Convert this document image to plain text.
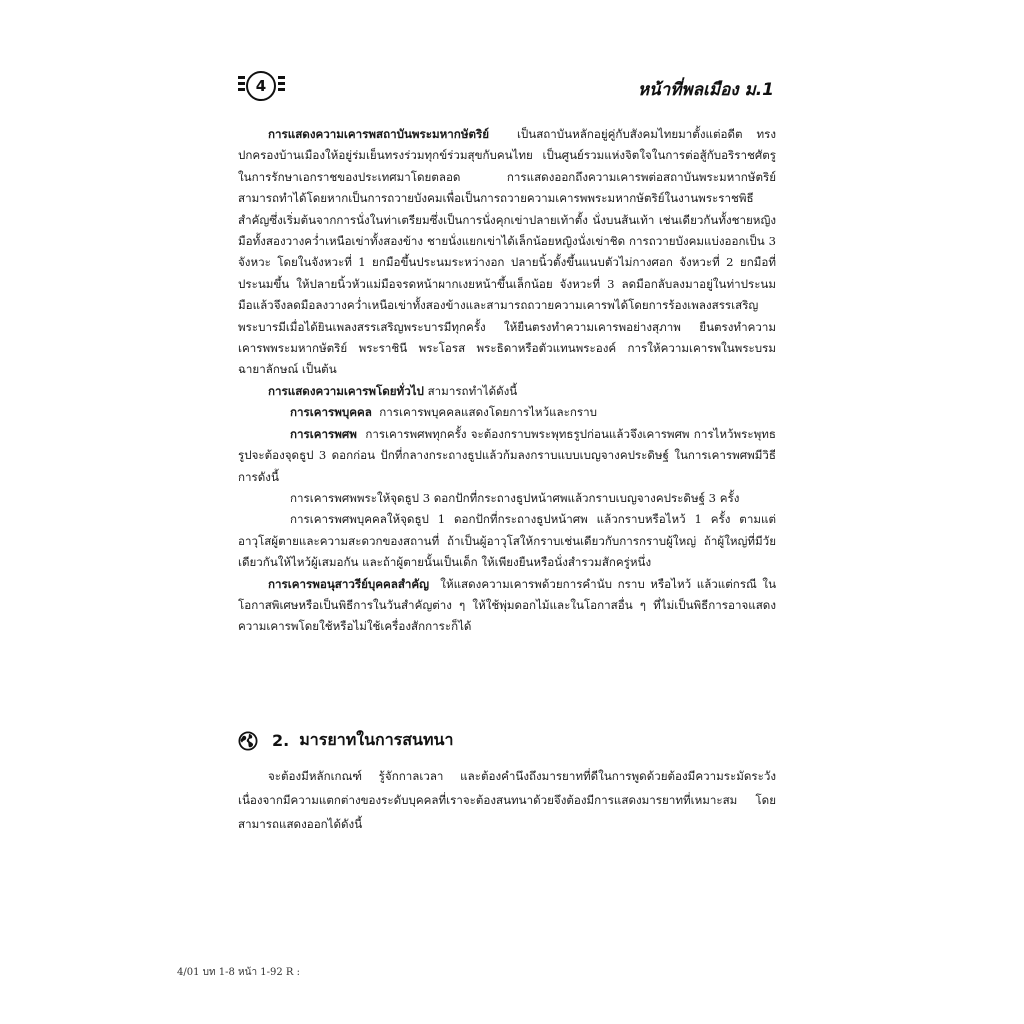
4	หน้าที่พลเมือง ม.1

การแสดงความเคารพสถาบันพระมหากษัตริย์ เป็นสถาบันหลักอยู่คู่กับสังคมไทยมาตั้งแต่อดีต ทรงปกครองบ้านเมืองให้อยู่ร่มเย็นทรงร่วมทุกข์ร่วมสุขกับคนไทย เป็นศูนย์รวมแห่งจิตใจในการต่อสู้กับอริราชศัตรู ในการรักษาเอกราชของประเทศมาโดยตลอด การแสดงออกถึงความเคารพต่อสถาบันพระมหากษัตริย์ สามารถทำได้โดยหากเป็นการถวายบังคมเพื่อเป็นการถวายความเคารพพระมหากษัตริย์ในงานพระราชพิธีสำคัญซึ่งเริ่มต้นจากการนั่งในท่าเตรียมซึ่งเป็นการนั่งคุกเข่าปลายเท้าตั้ง นั่งบนส้นเท้า เช่นเดียวกันทั้งชายหญิง มือทั้งสองวางคว่ำเหนือเข่าทั้งสองข้าง ชายนั่งแยกเข่าได้เล็กน้อยหญิงนั่งเข่าชิด การถวายบังคมแบ่งออกเป็น 3 จังหวะ โดยในจังหวะที่ 1 ยกมือขึ้นประนมระหว่างอก ปลายนิ้วตั้งขึ้นแนบตัวไม่กางศอก จังหวะที่ 2 ยกมือที่ประนมขึ้น ให้ปลายนิ้วหัวแม่มือจรดหน้าผากเงยหน้าขึ้นเล็กน้อย จังหวะที่ 3 ลดมือกลับลงมาอยู่ในท่าประนมมือแล้วจึงลดมือลงวางคว่ำเหนือเข่าทั้งสองข้างและสามารถถวายความเคารพได้โดยการร้องเพลงสรรเสริญพระบารมีเมื่อได้ยินเพลงสรรเสริญพระบารมีทุกครั้ง ให้ยืนตรงทำความเคารพอย่างสุภาพ ยืนตรงทำความเคารพพระมหากษัตริย์ พระราชินี พระโอรส พระธิดาหรือตัวแทนพระองค์ การให้ความเคารพในพระบรมฉายาลักษณ์ เป็นต้น

การแสดงความเคารพโดยทั่วไป สามารถทำได้ดังนี้

การเคารพบุคคล การเคารพบุคคลแสดงโดยการไหว้และกราบ

การเคารพศพ การเคารพศพทุกครั้ง จะต้องกราบพระพุทธรูปก่อนแล้วจึงเคารพศพ การไหว้พระพุทธรูปจะต้องจุดธูป 3 ดอกก่อน ปักที่กลางกระถางธูปแล้วก้มลงกราบแบบเบญจางคประดิษฐ์ ในการเคารพศพมีวิธีการดังนี้

การเคารพศพพระให้จุดธูป 3 ดอกปักที่กระถางธูปหน้าศพแล้วกราบเบญจางคประดิษฐ์ 3 ครั้ง

การเคารพศพบุคคลให้จุดธูป 1 ดอกปักที่กระถางธูปหน้าศพ แล้วกราบหรือไหว้ 1 ครั้ง ตามแต่อาวุโสผู้ตายและความสะดวกของสถานที่ ถ้าเป็นผู้อาวุโสให้กราบเช่นเดียวกับการกราบผู้ใหญ่ ถ้าผู้ใหญ่ที่มีวัยเดียวกันให้ไหว้ผู้เสมอกัน และถ้าผู้ตายนั้นเป็นเด็ก ให้เพียงยืนหรือนั่งสำรวมสักครู่หนึ่ง

การเคารพอนุสาวรีย์บุคคลสำคัญ ให้แสดงความเคารพด้วยการคำนับ กราบ หรือไหว้ แล้วแต่กรณี ในโอกาสพิเศษหรือเป็นพิธีการในวันสำคัญต่าง ๆ ให้ใช้พุ่มดอกไม้และในโอกาสอื่น ๆ ที่ไม่เป็นพิธีการอาจแสดงความเคารพโดยใช้หรือไม่ใช้เครื่องสักการะก็ได้

2. มารยาทในการสนทนา

จะต้องมีหลักเกณฑ์ รู้จักกาลเวลา และต้องคำนึงถึงมารยาทที่ดีในการพูดด้วยต้องมีความระมัดระวัง เนื่องจากมีความแตกต่างของระดับบุคคลที่เราจะต้องสนทนาด้วยจึงต้องมีการแสดงมารยาทที่เหมาะสม โดยสามารถแสดงออกได้ดังนี้

4/01 บท 1-8 หน้า 1-92 R :
